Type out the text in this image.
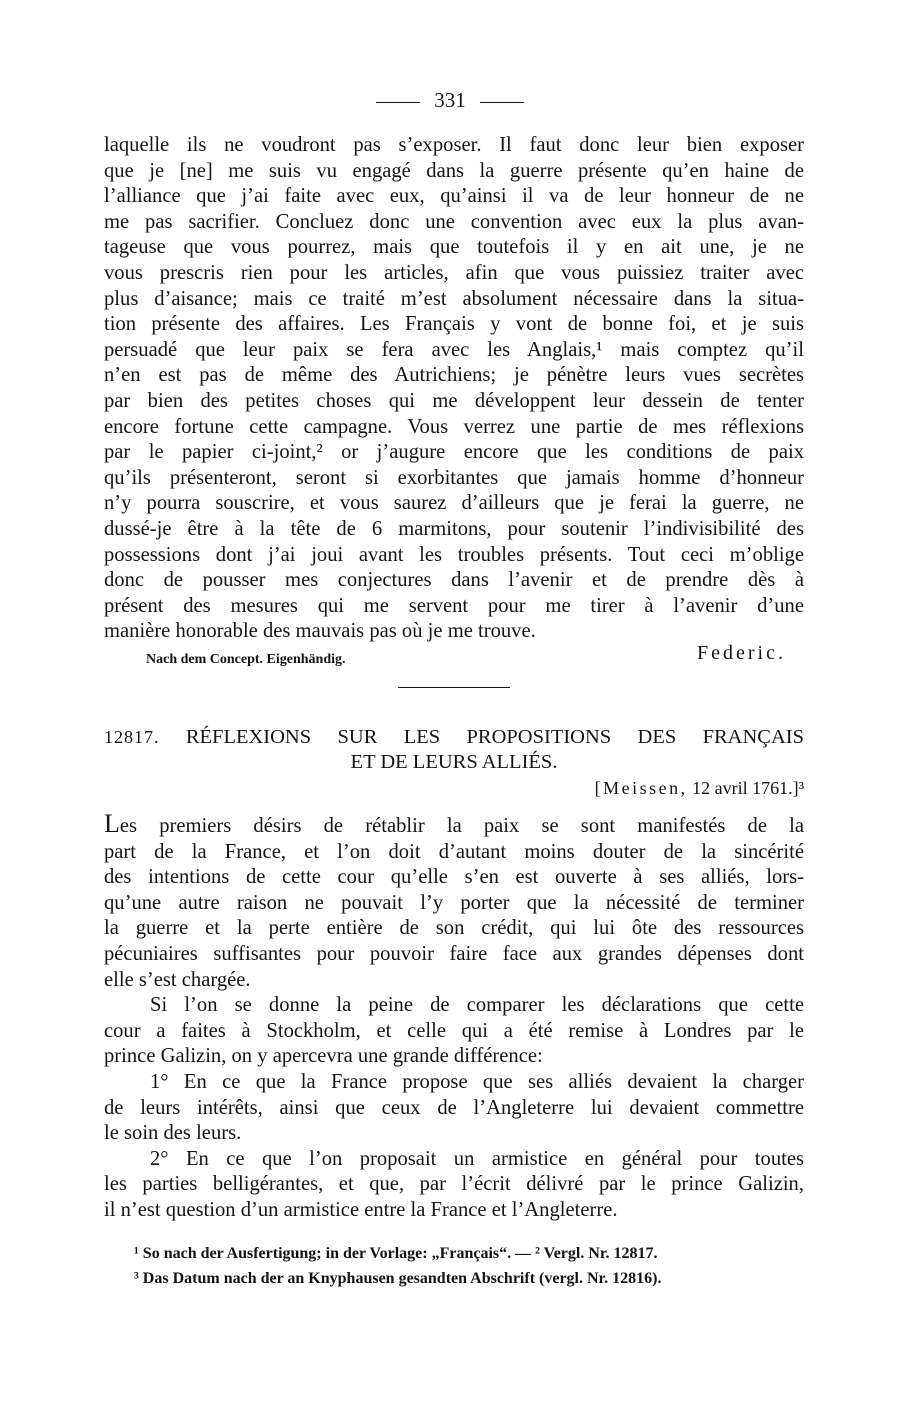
331

laquelle ils ne voudront pas s’exposer. Il faut donc leur bien exposer

que je [ne] me suis vu engagé dans la guerre présente qu’en haine de

l’alliance que j’ai faite avec eux, qu’ainsi il va de leur honneur de ne

me pas sacrifier. Concluez donc une convention avec eux la plus avan-

tageuse que vous pourrez, mais que toutefois il y en ait une, je ne

vous prescris rien pour les articles, afin que vous puissiez traiter avec

plus d’aisance; mais ce traité m’est absolument nécessaire dans la situa-

tion présente des affaires. Les Français y vont de bonne foi, et je suis

persuadé que leur paix se fera avec les Anglais,¹ mais comptez qu’il

n’en est pas de même des Autrichiens; je pénètre leurs vues secrètes

par bien des petites choses qui me développent leur dessein de tenter

encore fortune cette campagne. Vous verrez une partie de mes réflexions

par le papier ci-joint,² or j’augure encore que les conditions de paix

qu’ils présenteront, seront si exorbitantes que jamais homme d’honneur

n’y pourra souscrire, et vous saurez d’ailleurs que je ferai la guerre, ne

dussé-je être à la tête de 6 marmitons, pour soutenir l’indivisibilité des

possessions dont j’ai joui avant les troubles présents. Tout ceci m’oblige

donc de pousser mes conjectures dans l’avenir et de prendre dès à

présent des mesures qui me servent pour me tirer à l’avenir d’une

manière honorable des mauvais pas où je me trouve.

Nach dem Concept. Eigenhändig.	Federic.
12817. RÉFLEXIONS SUR LES PROPOSITIONS DES FRANÇAIS
ET DE LEURS ALLIÉS.
[Meissen, 12 avril 1761.]³

Les premiers désirs de rétablir la paix se sont manifestés de la

part de la France, et l’on doit d’autant moins douter de la sincérité

des intentions de cette cour qu’elle s’en est ouverte à ses alliés, lors-

qu’une autre raison ne pouvait l’y porter que la nécessité de terminer

la guerre et la perte entière de son crédit, qui lui ôte des ressources

pécuniaires suffisantes pour pouvoir faire face aux grandes dépenses dont

elle s’est chargée.

Si l’on se donne la peine de comparer les déclarations que cette

cour a faites à Stockholm, et celle qui a été remise à Londres par le

prince Galizin, on y apercevra une grande différence:

1° En ce que la France propose que ses alliés devaient la charger

de leurs intérêts, ainsi que ceux de l’Angleterre lui devaient commettre

le soin des leurs.

2° En ce que l’on proposait un armistice en général pour toutes

les parties belligérantes, et que, par l’écrit délivré par le prince Galizin,

il n’est question d’un armistice entre la France et l’Angleterre.

¹ So nach der Ausfertigung; in der Vorlage: „Français“. — ² Vergl. Nr. 12817.
³ Das Datum nach der an Knyphausen gesandten Abschrift (vergl. Nr. 12816).
